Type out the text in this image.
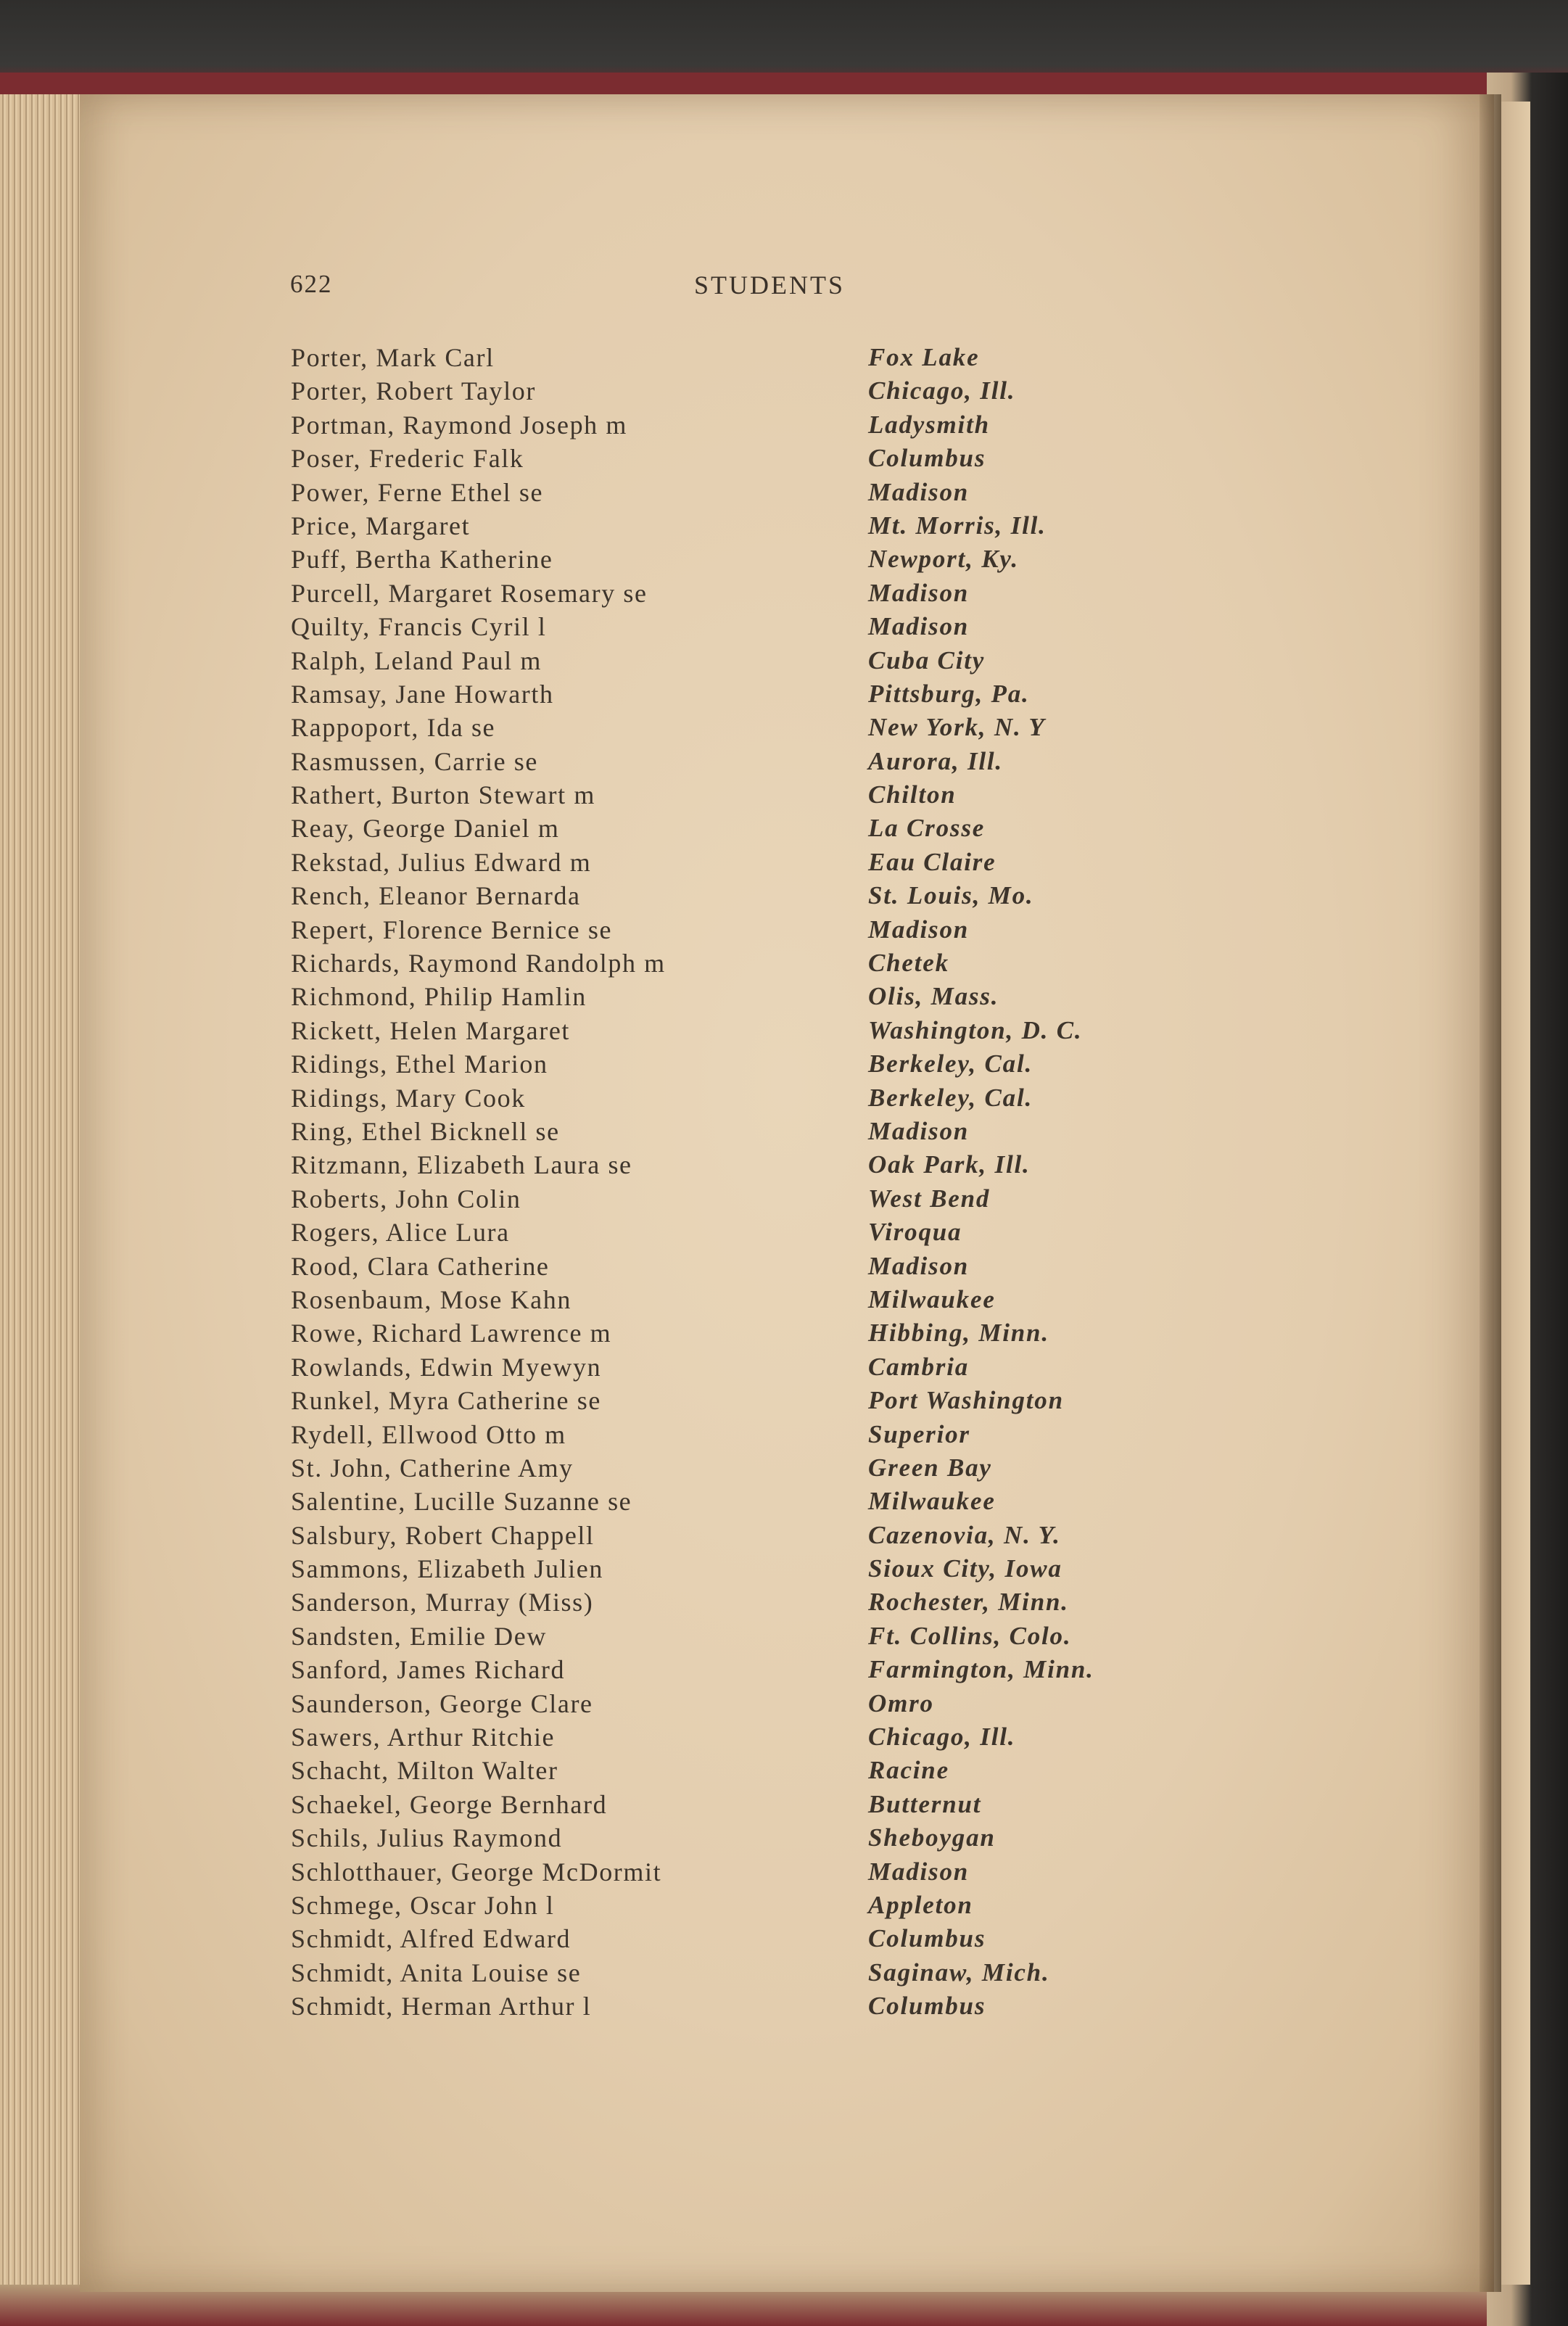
622	STUDENTS
Porter, Mark Carl	Fox Lake
Porter, Robert Taylor	Chicago, Ill.
Portman, Raymond Joseph m	Ladysmith
Poser, Frederic Falk	Columbus
Power, Ferne Ethel se	Madison
Price, Margaret	Mt. Morris, Ill.
Puff, Bertha Katherine	Newport, Ky.
Purcell, Margaret Rosemary se	Madison
Quilty, Francis Cyril l	Madison
Ralph, Leland Paul m	Cuba City
Ramsay, Jane Howarth	Pittsburg, Pa.
Rappoport, Ida se	New York, N. Y
Rasmussen, Carrie se	Aurora, Ill.
Rathert, Burton Stewart m	Chilton
Reay, George Daniel m	La Crosse
Rekstad, Julius Edward m	Eau Claire
Rench, Eleanor Bernarda	St. Louis, Mo.
Repert, Florence Bernice se	Madison
Richards, Raymond Randolph m	Chetek
Richmond, Philip Hamlin	Olis, Mass.
Rickett, Helen Margaret	Washington, D. C.
Ridings, Ethel Marion	Berkeley, Cal.
Ridings, Mary Cook	Berkeley, Cal.
Ring, Ethel Bicknell se	Madison
Ritzmann, Elizabeth Laura se	Oak Park, Ill.
Roberts, John Colin	West Bend
Rogers, Alice Lura	Viroqua
Rood, Clara Catherine	Madison
Rosenbaum, Mose Kahn	Milwaukee
Rowe, Richard Lawrence m	Hibbing, Minn.
Rowlands, Edwin Myewyn	Cambria
Runkel, Myra Catherine se	Port Washington
Rydell, Ellwood Otto m	Superior
St. John, Catherine Amy	Green Bay
Salentine, Lucille Suzanne se	Milwaukee
Salsbury, Robert Chappell	Cazenovia, N. Y.
Sammons, Elizabeth Julien	Sioux City, Iowa
Sanderson, Murray (Miss)	Rochester, Minn.
Sandsten, Emilie Dew	Ft. Collins, Colo.
Sanford, James Richard	Farmington, Minn.
Saunderson, George Clare	Omro
Sawers, Arthur Ritchie	Chicago, Ill.
Schacht, Milton Walter	Racine
Schaekel, George Bernhard	Butternut
Schils, Julius Raymond	Sheboygan
Schlotthauer, George McDormit	Madison
Schmege, Oscar John l	Appleton
Schmidt, Alfred Edward	Columbus
Schmidt, Anita Louise se	Saginaw, Mich.
Schmidt, Herman Arthur l	Columbus
